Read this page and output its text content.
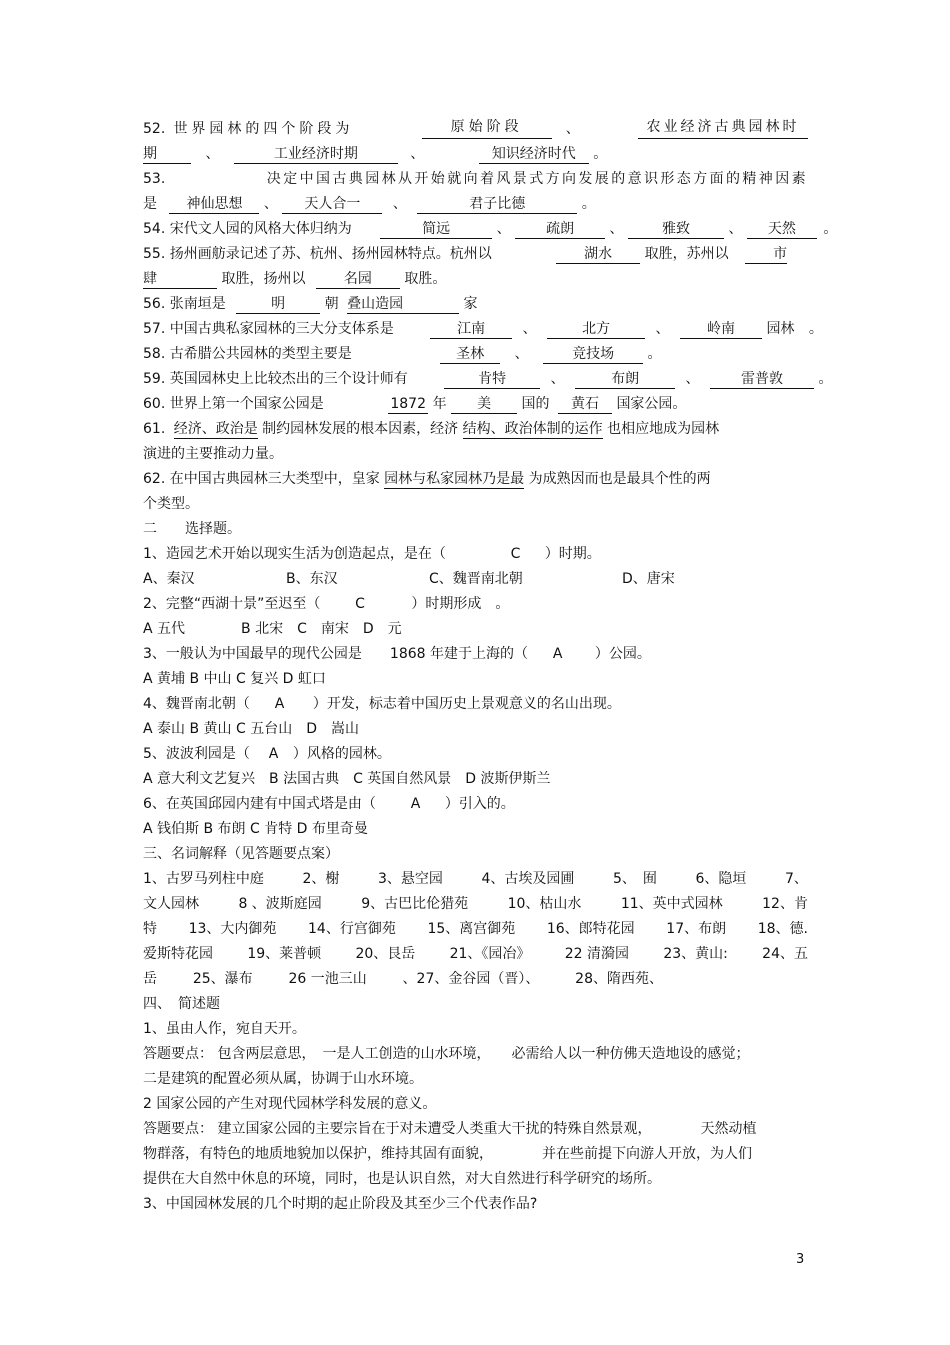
52. 世界园林的四个阶段为	原始阶段	、	农业经济古典园林时
期	、	工业经济时期	、	知识经济时代 。
53.	决定中国古典园林从开始就向着风景式方向发展的意识形态方面的精神因素
是 神仙思想 、 天人合一 、	君子比德	。
54. 宋代文人园的风格大体归纳为	简远	、	疏朗	、	雅致	、 天然 。
55. 扬州画舫录记述了苏、杭州、扬州园林特点。杭州以	湖水 取胜，苏州以	市
肆	取胜，扬州以	名园 取胜。
56. 张南垣是	明	朝 叠山造园	家
57. 中国古典私家园林的三大分支体系是	江南	、	北方	、	岭南 园林 。
58. 古希腊公共园林的类型主要是	圣林 、	竞技场 。
59. 英国园林史上比较杰出的三个设计师有	肯特	、	布朗	、	雷普敦	。
60. 世界上第一个国家公园是	1872 年 美 国的 黄石 国家公园。
61. 经济、政治是 制约园林发展的根本因素，经济 结构、政治体制的运作 也相应地成为园林
演进的主要推动力量。
62. 在中国古典园林三大类型中，皇家 园林与私家园林乃是最 为成熟因而也是最具个性的两
个类型。
二　　选择题。
1、造园艺术开始以现实生活为创造起点，是在（	C ）时期。
A、秦汉	B、东汉	C、魏晋南北朝	D、唐宋
2、完整“西湖十景”至迟至（ C	）时期形成　。
A 五代　　　　B 北宋　C　南宋　D　元
3、一般认为中国最早的现代公园是　　1868 年建于上海的（ A ）公园。
A 黄埔 B 中山 C 复兴 D 虹口
4、魏晋南北朝（ A ）开发，标志着中国历史上景观意义的名山出现。
A 泰山 B 黄山 C 五台山　D　嵩山
5、波波利园是（ A ）风格的园林。
A 意大利文艺复兴　B 法国古典　C 英国自然风景　D 波斯伊斯兰
6、在英国邱园内建有中国式塔是由（ A ）引入的。
A 钱伯斯 B 布朗 C 肯特 D 布里奇曼
三、名词解释（见答题要点案）
1、古罗马列柱中庭	2、榭	3、悬空园	4、古埃及园圃	5、　囿	6、隐垣	7、
文人园林	8 、波斯庭园	9、古巴比伦猎苑	10、枯山水	11、英中式园林	12、肯
特 13、大内御苑 14、行宫御苑 15、离宫御苑 16、郎特花园 17、布朗 18、德.
爱斯特花园 19、莱普顿 20、艮岳 21、《园冶》 22 清漪园 23、黄山: 24、五
岳	25、瀑布	26 一池三山	、27、金谷园（晋）、	28、隋西苑、
四、　简述题
1、虽由人作，宛自天开。
答题要点： 包含两层意思，　一是人工创造的山水环境，　　必需给人以一种仿佛天造地设的感觉；
二是建筑的配置必须从属，协调于山水环境。
2 国家公园的产生对现代园林学科发展的意义。
答题要点： 建立国家公园的主要宗旨在于对未遭受人类重大干扰的特殊自然景观，　　　　天然动植
物群落，有特色的地质地貌加以保护，维持其固有面貌，　　　　并在些前提下向游人开放，为人们
提供在大自然中休息的环境，同时，也是认识自然，对大自然进行科学研究的场所。
3、中国园林发展的几个时期的起止阶段及其至少三个代表作品?
3
